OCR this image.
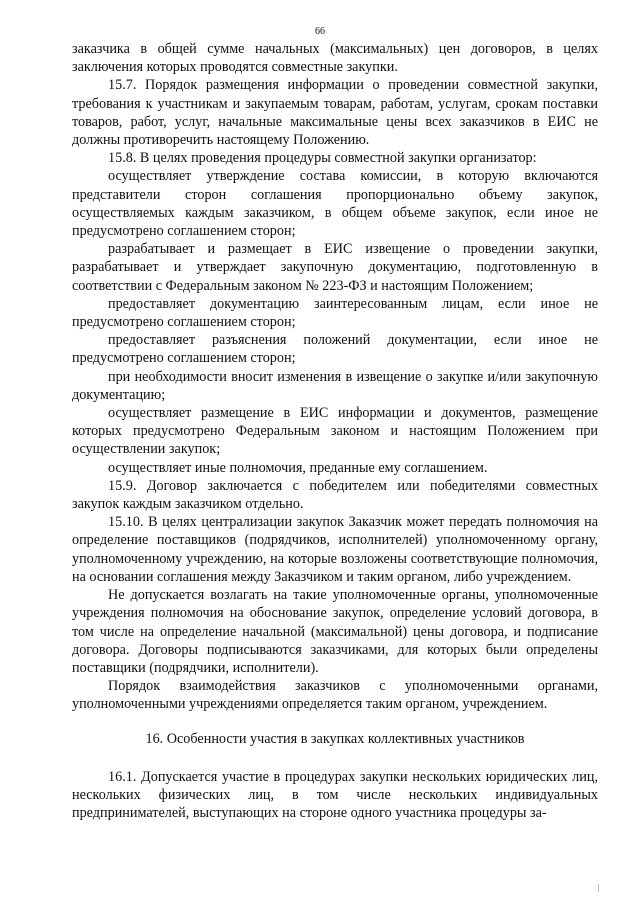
66

заказчика в общей сумме начальных (максимальных) цен договоров, в целях заключения которых проводятся совместные закупки.

15.7. Порядок размещения информации о проведении совместной закупки, требования к участникам и закупаемым товарам, работам, услугам, срокам поставки товаров, работ, услуг, начальные максимальные цены всех заказчиков в ЕИС не должны противоречить настоящему Положению.

15.8. В целях проведения процедуры совместной закупки организатор:

осуществляет утверждение состава комиссии, в которую включаются представители сторон соглашения пропорционально объему закупок, осуществляемых каждым заказчиком, в общем объеме закупок, если иное не предусмотрено соглашением сторон;

разрабатывает и размещает в ЕИС извещение о проведении закупки, разрабатывает и утверждает закупочную документацию, подготовленную в соответствии с Федеральным законом № 223-ФЗ и настоящим Положением;

предоставляет документацию заинтересованным лицам, если иное не предусмотрено соглашением сторон;

предоставляет разъяснения положений документации, если иное не предусмотрено соглашением сторон;

при необходимости вносит изменения в извещение о закупке и/или закупочную документацию;

осуществляет размещение в ЕИС информации и документов, размещение которых предусмотрено Федеральным законом и настоящим Положением при осуществлении закупок;

осуществляет иные полномочия, преданные ему соглашением.

15.9. Договор заключается с победителем или победителями совместных закупок каждым заказчиком отдельно.

15.10. В целях централизации закупок Заказчик может передать полномочия на определение поставщиков (подрядчиков, исполнителей) уполномоченному органу, уполномоченному учреждению, на которые возложены соответствующие полномочия, на основании соглашения между Заказчиком и таким органом, либо учреждением.

Не допускается возлагать на такие уполномоченные органы, уполномоченные учреждения полномочия на обоснование закупок, определение условий договора, в том числе на определение начальной (максимальной) цены договора, и подписание договора. Договоры подписываются заказчиками, для которых были определены поставщики (подрядчики, исполнители).

Порядок взаимодействия заказчиков с уполномоченными органами, уполномоченными учреждениями определяется таким органом, учреждением.

16. Особенности участия в закупках коллективных участников

16.1. Допускается участие в процедурах закупки нескольких юридических лиц, нескольких физических лиц, в том числе нескольких индивидуальных предпринимателей, выступающих на стороне одного участника процедуры за-
